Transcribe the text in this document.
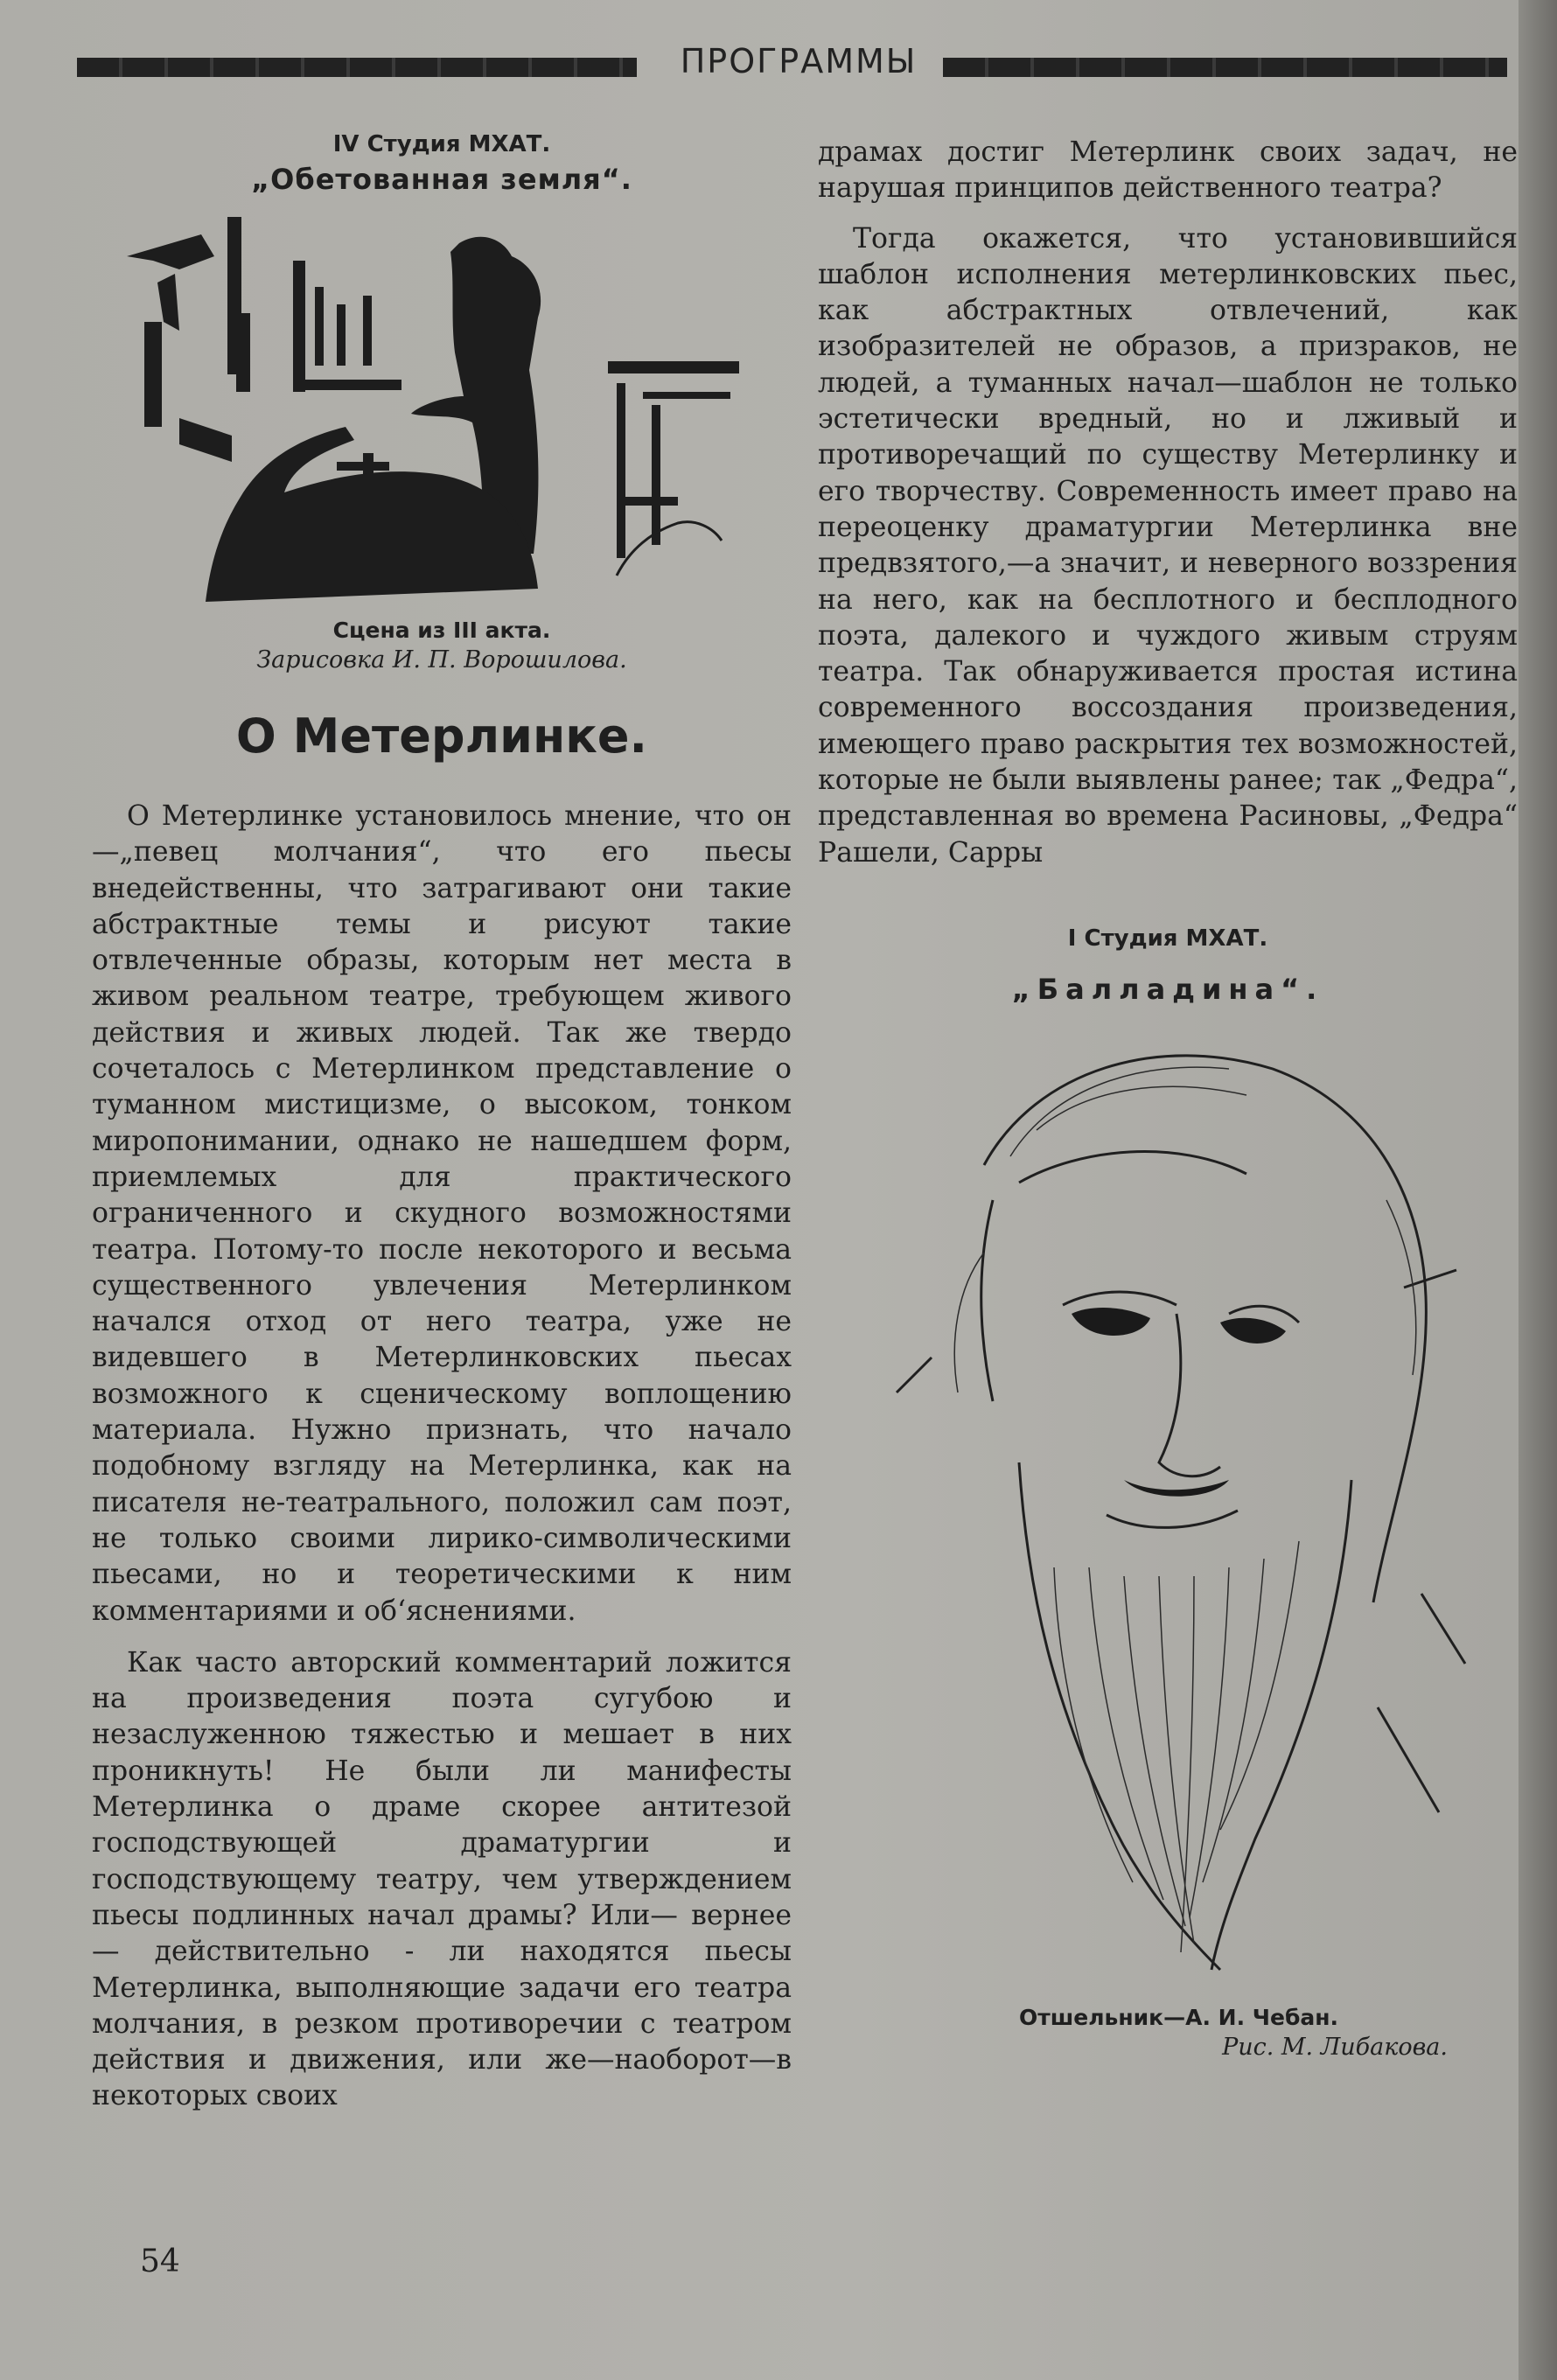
ПРОГРАММЫ

IV Студия МХАТ.

„Обетованная земля“.

Сцена из III акта.

Зарисовка И. П. Ворошилова.

О Метерлинке.

О Метерлинке установилось мнение, что он—„певец молчания“, что его пьесы внедейственны, что затрагивают они такие абстрактные темы и рисуют такие отвлеченные образы, которым нет места в живом реальном театре, требующем живого действия и живых людей. Так же твердо сочеталось с Метерлинком представление о туманном мистицизме, о высоком, тонком миропонимании, однако не нашедшем форм, приемлемых для практического ограниченного и скудного возможностями театра. Потому-то после некоторого и весьма существенного увлечения Метерлинком начался отход от него театра, уже не видевшего в Метерлинковских пьесах возможного к сценическому воплощению материала. Нужно признать, что начало подобному взгляду на Метерлинка, как на писателя не-театрального, положил сам поэт, не только своими лирико-символическими пьесами, но и теоретическими к ним комментариями и об‘яснениями.

Как часто авторский комментарий ложится на произведения поэта сугубою и незаслуженною тяжестью и мешает в них проникнуть! Не были ли манифесты Метерлинка о драме скорее антитезой господствующей драматургии и господствующему театру, чем утверждением пьесы подлинных начал драмы? Или— вернее — действительно - ли находятся пьесы Метерлинка, выполняющие задачи его театра молчания, в резком противоречии с театром действия и движения, или же—наоборот—в некоторых своих

драмах достиг Метерлинк своих задач, не нарушая принципов действенного театра?

Тогда окажется, что установившийся шаблон исполнения метерлинковских пьес, как абстрактных отвлечений, как изобразителей не образов, а призраков, не людей, а туманных начал—шаблон не только эстетически вредный, но и лживый и противоречащий по существу Метерлинку и его творчеству. Современность имеет право на переоценку драматургии Метерлинка вне предвзятого,—а значит, и неверного воззрения на него, как на бесплотного и бесплодного поэта, далекого и чуждого живым струям театра. Так обнаруживается простая истина современного воссоздания произведения, имеющего право раскрытия тех возможностей, которые не были выявлены ранее; так „Федра“, представленная во времена Расиновы, „Федра“ Рашели, Сарры

I Студия МХАТ.

„Балладина“.

Отшельник—А. И. Чебан.

Рис. М. Либакова.

54
